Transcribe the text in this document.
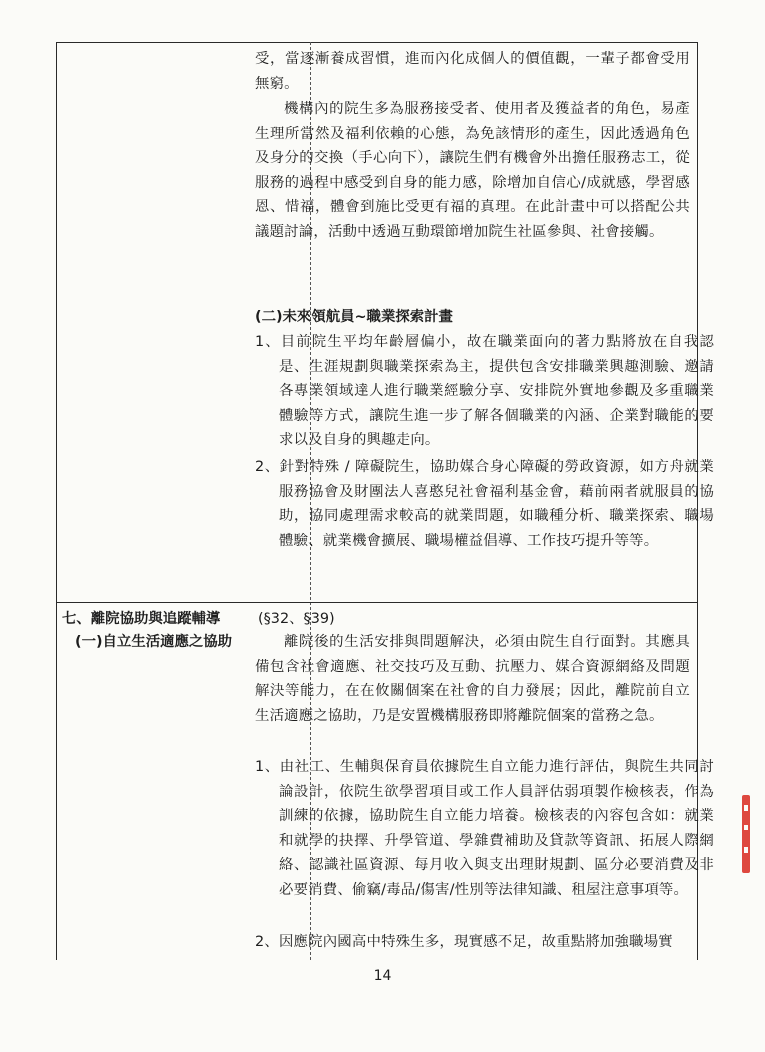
受，當逐漸養成習慣，進而內化成個人的價值觀，一輩子都會受用無窮。

機構內的院生多為服務接受者、使用者及獲益者的角色，易產生理所當然及福利依賴的心態，為免該情形的產生，因此透過角色及身分的交換（手心向下），讓院生們有機會外出擔任服務志工，從服務的過程中感受到自身的能力感，除增加自信心/成就感，學習感恩、惜福，體會到施比受更有福的真理。在此計畫中可以搭配公共議題討論，活動中透過互動環節增加院生社區參與、社會接觸。

(二)未來領航員~職業探索計畫

1、目前院生平均年齡層偏小，故在職業面向的著力點將放在自我認是、生涯規劃與職業探索為主，提供包含安排職業興趣測驗、邀請各專業領域達人進行職業經驗分享、安排院外實地參觀及多重職業體驗等方式，讓院生進一步了解各個職業的內涵、企業對職能的要求以及自身的興趣走向。

2、針對特殊 / 障礙院生，協助媒合身心障礙的勞政資源，如方舟就業服務協會及財團法人喜憨兒社會福利基金會，藉前兩者就服員的協助，協同處理需求較高的就業問題，如職種分析、職業探索、職場體驗、就業機會擴展、職場權益倡導、工作技巧提升等等。

七、離院協助與追蹤輔導

(一)自立生活適應之協助

(§32、§39)

離院後的生活安排與問題解決，必須由院生自行面對。其應具備包含社會適應、社交技巧及互動、抗壓力、媒合資源網絡及問題解決等能力，在在攸關個案在社會的自力發展；因此，離院前自立生活適應之協助，乃是安置機構服務即將離院個案的當務之急。

1、由社工、生輔與保育員依據院生自立能力進行評估，與院生共同討論設計，依院生欲學習項目或工作人員評估弱項製作檢核表，作為訓練的依據，協助院生自立能力培養。檢核表的內容包含如：就業和就學的抉擇、升學管道、學雜費補助及貸款等資訊、拓展人際網絡、認識社區資源、每月收入與支出理財規劃、區分必要消費及非必要消費、偷竊/毒品/傷害/性別等法律知識、租屋注意事項等。

2、因應院內國高中特殊生多，現實感不足，故重點將加強職場實

14
